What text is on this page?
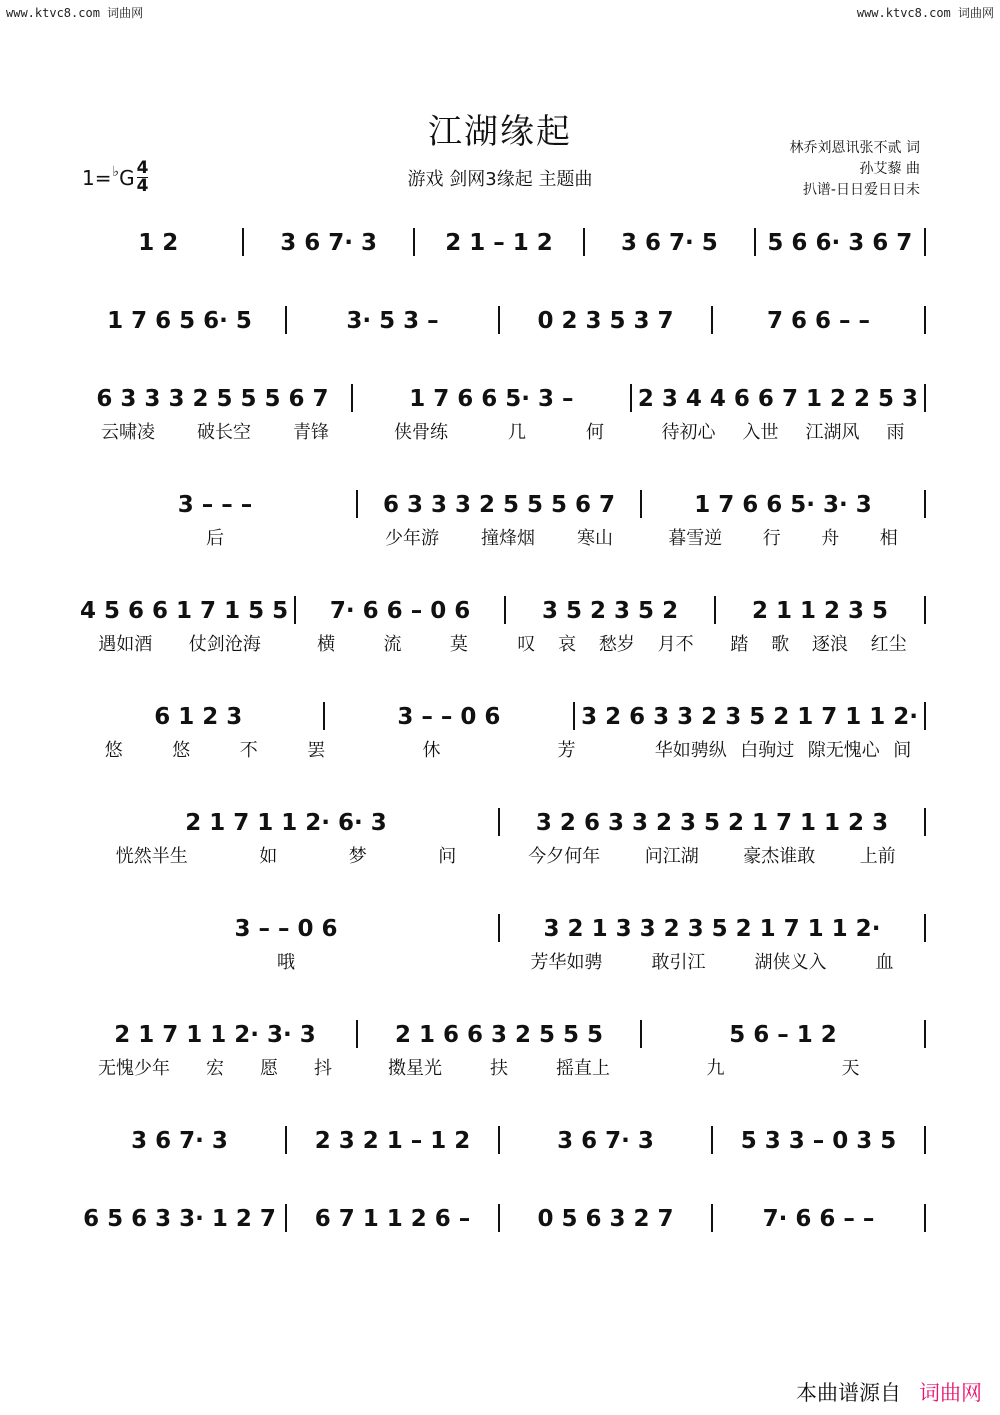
www.ktvc8.com 词曲网	www.ktvc8.com 词曲网
江湖缘起
游戏 剑网3缘起 主题曲
林乔刘恩讯张不贰 词
孙艾藜 曲
扒谱-日日爱日日未
1= ♭ G $\frac{4}{4}$
1 2	3 6 7· 3	2 1 – 1 2	3 6 7· 5	5 6 6· 3 6 7
1 7 6 5 6· 5	3· 5 3 –	0 2 3 5 3 7	7 6 6 – –
6 3 3 3 2 5 5 5 6 7	1 7 6 6 5· 3 –	2 3 4 4 6 6 7 1 2 2 5 3
云啸凌 破长空 青锋	侠骨练	几	何	待初心 入世 江湖风 雨
3 – – –	6 3 3 3 2 5 5 5 6 7	1 7 6 6 5· 3· 3
后	少年游 撞烽烟 寒山	暮雪逆 行 舟 相
4 5 6 6 1 7 1 5 5	7· 6 6 – 0 6	3 5 2 3 5 2	2 1 1 2 3 5
遇如酒 仗剑沧海	横	流	莫	叹 哀 愁岁 月不 踏 歌 逐浪 红尘
6 1 2 3	3 – – 0 6	3 2 6 3 3 2 3 5 2 1 7 1 1 2·
悠	悠	不	罢	休	芳	华如骋纵 白驹过 隙无愧心 间
2 1 7 1 1 2· 6· 3	3 2 6 3 3 2 3 5 2 1 7 1 1 2 3
恍然半生	如	梦	问	今夕何年 问江湖 豪杰谁敢 上前
3 – – 0 6	3 2 1 3 3 2 3 5 2 1 7 1 1 2·
哦	芳华如骋	敢引江	湖侠义入	血
2 1 7 1 1 2· 3· 3	2 1 6 6 3 2 5 5 5	5 6 – 1 2
无愧少年 宏 愿 抖	擞星光	扶	摇直上	九	天
3 6 7· 3	2 3 2 1 – 1 2	3 6 7· 3	5 3 3 – 0 3 5
6 5 6 3 3· 1 2 7	6 7 1 1 2 6 –	0 5 6 3 2 7	7· 6 6 – –
本曲谱源自 词曲网
